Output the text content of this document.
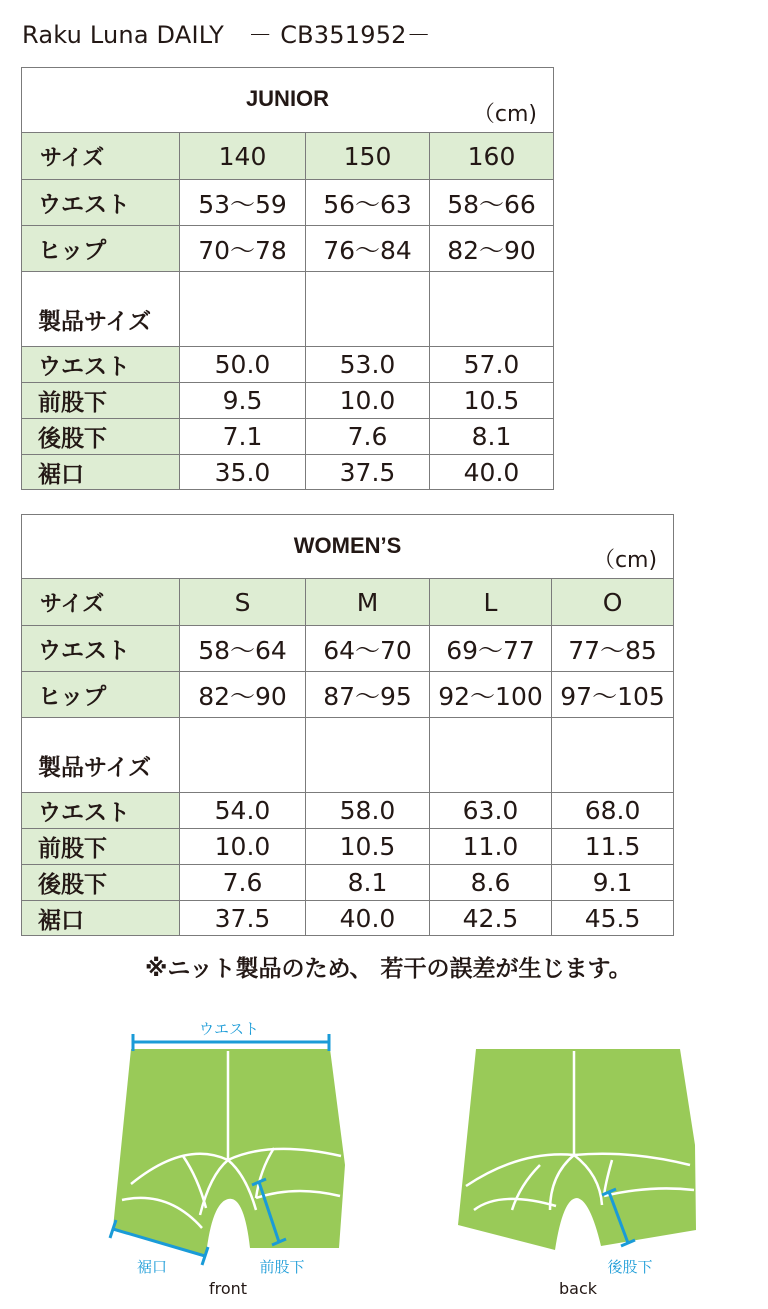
Raku Luna DAILY　－ CB351952－
JUNIOR
（cm)			

サイズ	140	150	160
ウエスト	53〜59	56〜63	58〜66
ヒップ	70〜78	76〜84	82〜90
製品サイズ			
ウエスト	50.0	53.0	57.0
前股下	9.5	10.0	10.5
後股下	7.1	7.6	8.1
裾口	35.0	37.5	40.0
WOMEN’S
（cm)				

サイズ	S	M	L	O
ウエスト	58〜64	64〜70	69〜77	77〜85
ヒップ	82〜90	87〜95	92〜100	97〜105
製品サイズ				
ウエスト	54.0	58.0	63.0	68.0
前股下	10.0	10.5	11.0	11.5
後股下	7.6	8.1	8.6	9.1
裾口	37.5	40.0	42.5	45.5
※ニット製品のため、 若干の誤差が生じます。
ウエスト
裾口	前股下	後股下
front	back
